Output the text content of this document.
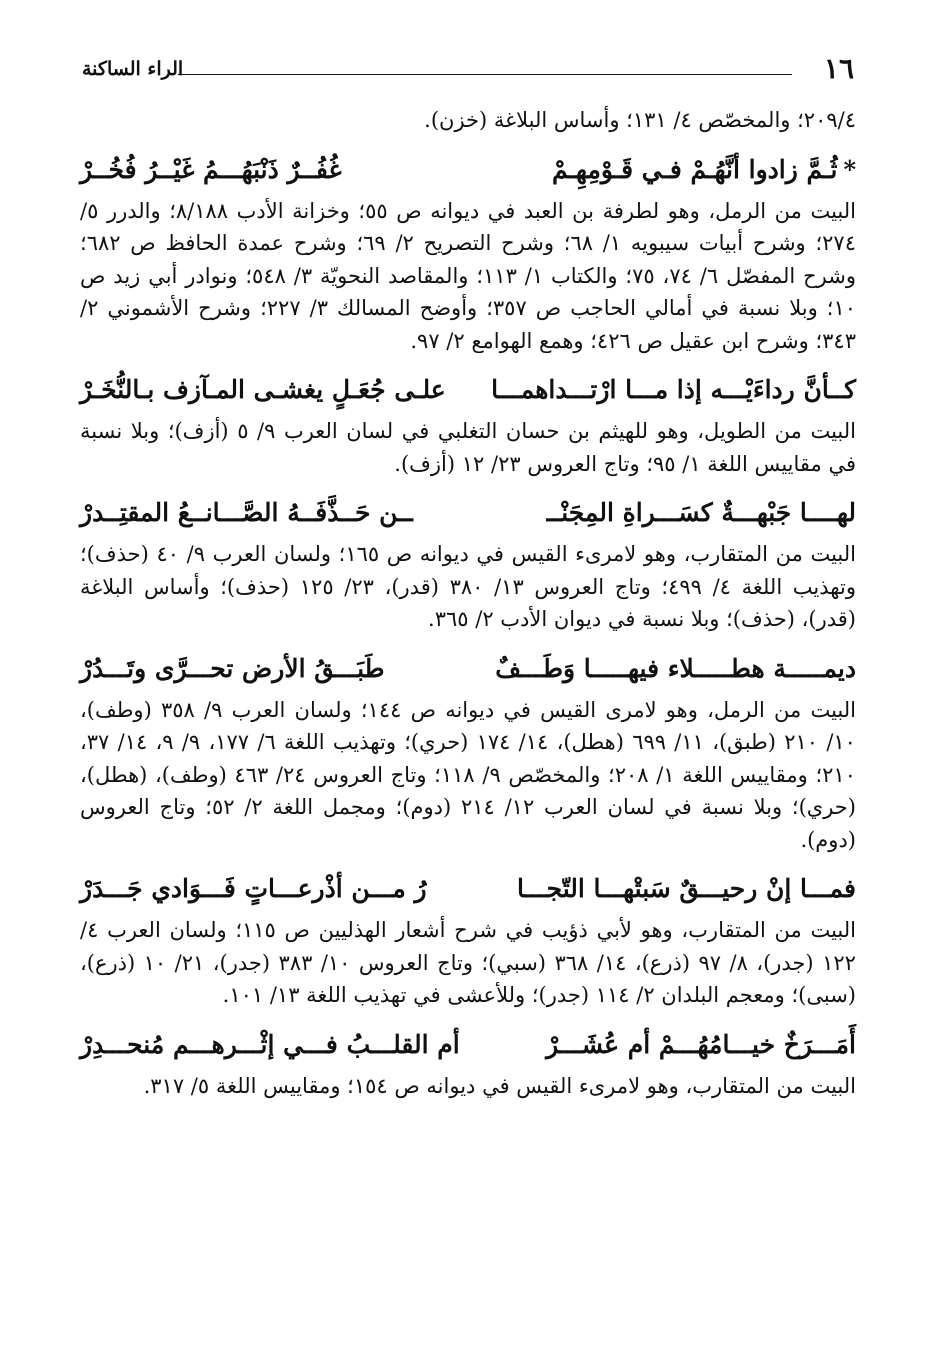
١٦
الراء الساكنة

٢٠٩/٤؛ والمخصّص ٤/ ١٣١؛ وأساس البلاغة (خزن).

*
ثُـمَّ زادوا أنَّهُـمْ فـي قَـوْمِهِـمْ
غُفُــرٌ ذَنْبَهُـــمُ غَيْــرُ فُخُــرْ

البيت من الرمل، وهو لطرفة بن العبد في ديوانه ص ٥٥؛ وخزانة الأدب ٨/١٨٨؛ والدرر ٥/ ٢٧٤؛ وشرح أبيات سيبويه ١/ ٦٨؛ وشرح التصريح ٢/ ٦٩؛ وشرح عمدة الحافظ ص ٦٨٢؛ وشرح المفصّل ٦/ ٧٤، ٧٥؛ والكتاب ١/ ١١٣؛ والمقاصد النحويّة ٣/ ٥٤٨؛ ونوادر أبي زيد ص ١٠؛ وبلا نسبة في أمالي الحاجب ص ٣٥٧؛ وأوضح المسالك ٣/ ٢٢٧؛ وشرح الأشموني ٢/ ٣٤٣؛ وشرح ابن عقيل ص ٤٢٦؛ وهمع الهوامع ٢/ ٩٧.

كــأنَّ رداءَيْـــه إذا مـــا ارْتـــداهمـــا
علـى جُعَـلٍ يغشـى المـآزف بـالنُّخَـرْ

البيت من الطويل، وهو للهيثم بن حسان التغلبي في لسان العرب ٩/ ٥ (أزف)؛ وبلا نسبة في مقاييس اللغة ١/ ٩٥؛ وتاج العروس ٢٣/ ١٢ (أزف).

لهــــا جَبْهـــةٌ كسَـــراةِ المِجَنْــ
ــن حَــذَّفَــهُ الصَّـــانــعُ المقتِــدرْ

البيت من المتقارب، وهو لامرىء القيس في ديوانه ص ١٦٥؛ ولسان العرب ٩/ ٤٠ (حذف)؛ وتهذيب اللغة ٤/ ٤٩٩؛ وتاج العروس ١٣/ ٣٨٠ (قدر)، ٢٣/ ١٢٥ (حذف)؛ وأساس البلاغة (قدر)، (حذف)؛ وبلا نسبة في ديوان الأدب ٢/ ٣٦٥.

ديمـــــة هطـــــلاء فيهـــــا وَطَـــفٌ
طَبَـــقُ الأرض تحـــرَّى وتَـــدُرْ

البيت من الرمل، وهو لامرى القيس في ديوانه ص ١٤٤؛ ولسان العرب ٩/ ٣٥٨ (وطف)، ١٠/ ٢١٠ (طبق)، ١١/ ٦٩٩ (هطل)، ١٤/ ١٧٤ (حري)؛ وتهذيب اللغة ٦/ ١٧٧، ٩/ ٩، ١٤/ ٣٧، ٢١٠؛ ومقاييس اللغة ١/ ٢٠٨؛ والمخصّص ٩/ ١١٨؛ وتاج العروس ٢٤/ ٤٦٣ (وطف)، (هطل)، (حري)؛ وبلا نسبة في لسان العرب ١٢/ ٢١٤ (دوم)؛ ومجمل اللغة ٢/ ٥٢؛ وتاج العروس (دوم).

فمـــا إنْ رحيـــقٌ سَبتْهـــا التّجـــا
رُ مـــن أذْرعـــاتٍ فَـــوَادي جَـــدَرْ

البيت من المتقارب، وهو لأبي ذؤيب في شرح أشعار الهذليين ص ١١٥؛ ولسان العرب ٤/ ١٢٢ (جدر)، ٨/ ٩٧ (ذرع)، ١٤/ ٣٦٨ (سبي)؛ وتاج العروس ١٠/ ٣٨٣ (جدر)، ٢١/ ١٠ (ذرع)، (سبى)؛ ومعجم البلدان ٢/ ١١٤ (جدر)؛ وللأعشى في تهذيب اللغة ١٣/ ١٠١.

أَمَـــرَخٌ خيـــامُهُـــمْ أم عُشَـــرْ
أم القلـــبُ فـــي إثْـــرهـــم مُنحـــدِرْ

البيت من المتقارب، وهو لامرىء القيس في ديوانه ص ١٥٤؛ ومقاييس اللغة ٥/ ٣١٧.
